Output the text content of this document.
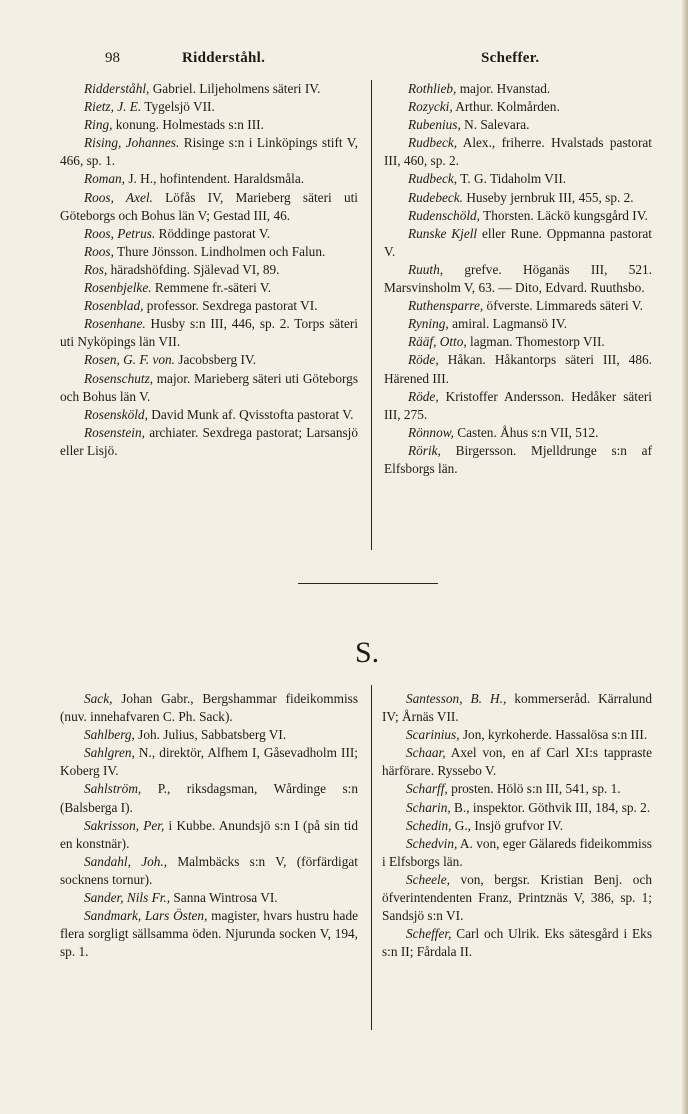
98	Ridderståhl.	Scheffer.

Ridderståhl, Gabriel. Liljeholmens säteri IV.

Rietz, J. E. Tygelsjö VII.

Ring, konung. Holmestads s:n III.

Rising, Johannes. Risinge s:n i Linköpings stift V, 466, sp. 1.

Roman, J. H., hofintendent. Haraldsmåla.

Roos, Axel. Löfås IV, Marieberg säteri uti Göteborgs och Bohus län V; Gestad III, 46.

Roos, Petrus. Röddinge pastorat V.

Roos, Thure Jönsson. Lindholmen och Falun.

Ros, häradshöfding. Själevad VI, 89.

Rosenbjelke. Remmene fr.-säteri V.

Rosenblad, professor. Sexdrega pastorat VI.

Rosenhane. Husby s:n III, 446, sp. 2. Torps säteri uti Nyköpings län VII.

Rosen, G. F. von. Jacobsberg IV.

Rosenschutz, major. Marieberg säteri uti Göteborgs och Bohus län V.

Rosensköld, David Munk af. Qvisstofta pastorat V.

Rosenstein, archiater. Sexdrega pastorat; Larsansjö eller Lisjö.

Rothlieb, major. Hvanstad.

Rozycki, Arthur. Kolmården.

Rubenius, N. Salevara.

Rudbeck, Alex., friherre. Hvalstads pastorat III, 460, sp. 2.

Rudbeck, T. G. Tidaholm VII.

Rudebeck. Huseby jernbruk III, 455, sp. 2.

Rudenschöld, Thorsten. Läckö kungsgård IV.

Runske Kjell eller Rune. Oppmanna pastorat V.

Ruuth, grefve. Höganäs III, 521. Marsvinsholm V, 63. — Dito, Edvard. Ruuthsbo.

Ruthensparre, öfverste. Limmareds säteri V.

Ryning, amiral. Lagmansö IV.

Rääf, Otto, lagman. Thomestorp VII.

Röde, Håkan. Håkantorps säteri III, 486. Härened III.

Röde, Kristoffer Andersson. Hedåker säteri III, 275.

Rönnow, Casten. Åhus s:n VII, 512.

Rörik, Birgersson. Mjelldrunge s:n af Elfsborgs län.

S.

Sack, Johan Gabr., Bergshammar fideikommiss (nuv. innehafvaren C. Ph. Sack).

Sahlberg, Joh. Julius, Sabbatsberg VI.

Sahlgren, N., direktör, Alfhem I, Gåsevadholm III; Koberg IV.

Sahlström, P., riksdagsman, Wårdinge s:n (Balsberga I).

Sakrisson, Per, i Kubbe. Anundsjö s:n I (på sin tid en konstnär).

Sandahl, Joh., Malmbäcks s:n V, (förfärdigat socknens tornur).

Sander, Nils Fr., Sanna Wintrosa VI.

Sandmark, Lars Östen, magister, hvars hustru hade flera sorgligt sällsamma öden. Njurunda socken V, 194, sp. 1.

Santesson, B. H., kommerseråd. Kärralund IV; Årnäs VII.

Scarinius, Jon, kyrkoherde. Hassalösa s:n III.

Schaar, Axel von, en af Carl XI:s tappraste härförare. Ryssebo V.

Scharff, prosten. Hölö s:n III, 541, sp. 1.

Scharin, B., inspektor. Göthvik III, 184, sp. 2.

Schedin, G., Insjö grufvor IV.

Schedvin, A. von, eger Gälareds fideikommiss i Elfsborgs län.

Scheele, von, bergsr. Kristian Benj. och öfverintendenten Franz, Printznäs V, 386, sp. 1; Sandsjö s:n VI.

Scheffer, Carl och Ulrik. Eks sätesgård i Eks s:n II; Fårdala II.
